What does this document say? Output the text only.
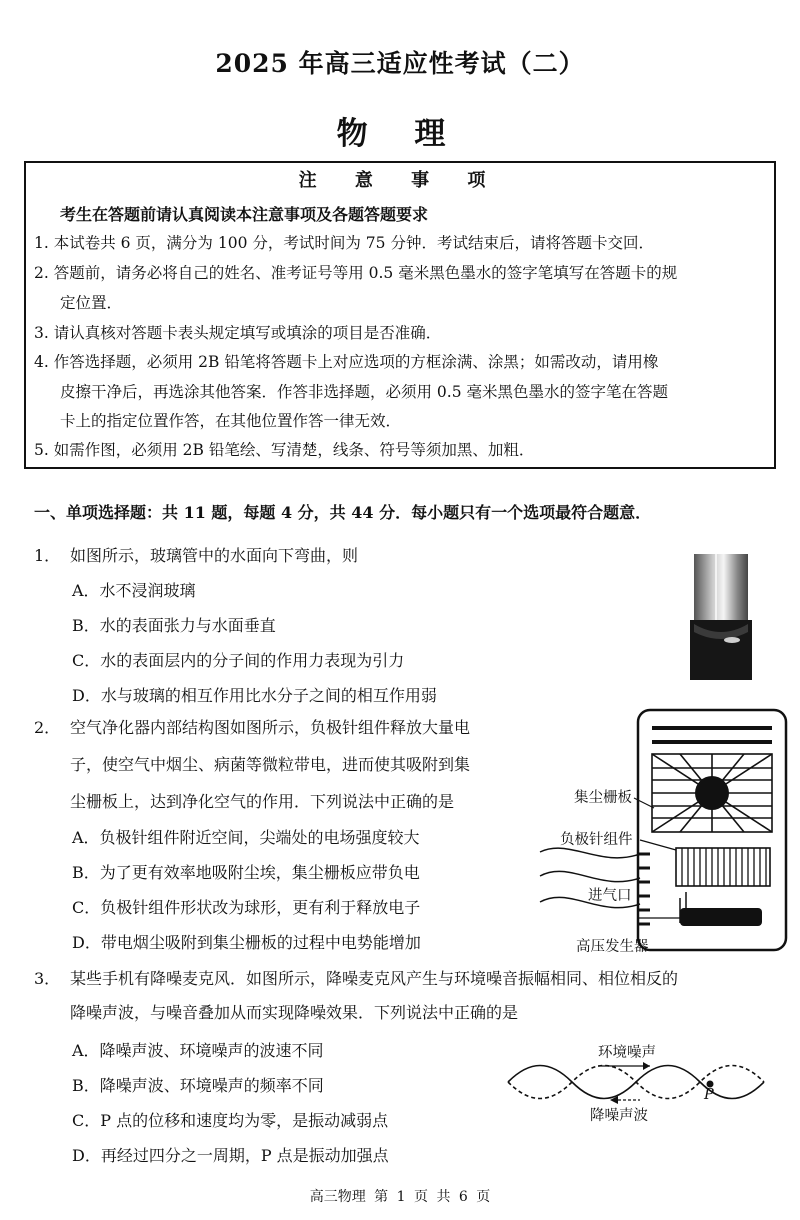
2025 年高三适应性考试（二）
物 理
注 意 事 项
考生在答题前请认真阅读本注意事项及各题答题要求
1. 本试卷共 6 页，满分为 100 分，考试时间为 75 分钟．考试结束后，请将答题卡交回．
2. 答题前，请务必将自己的姓名、准考证号等用 0.5 毫米黑色墨水的签字笔填写在答题卡的规
定位置．
3. 请认真核对答题卡表头规定填写或填涂的项目是否准确．
4. 作答选择题，必须用 2B 铅笔将答题卡上对应选项的方框涂满、涂黑；如需改动，请用橡
皮擦干净后，再选涂其他答案．作答非选择题，必须用 0.5 毫米黑色墨水的签字笔在答题
卡上的指定位置作答，在其他位置作答一律无效．
5. 如需作图，必须用 2B 铅笔绘、写清楚，线条、符号等须加黑、加粗．
一、单项选择题：共 11 题，每题 4 分，共 44 分．每小题只有一个选项最符合题意．
1． 如图所示，玻璃管中的水面向下弯曲，则
A．水不浸润玻璃
B．水的表面张力与水面垂直
C．水的表面层内的分子间的作用力表现为引力
D．水与玻璃的相互作用比水分子之间的相互作用弱
2． 空气净化器内部结构图如图所示，负极针组件释放大量电
子，使空气中烟尘、病菌等微粒带电，进而使其吸附到集
尘栅板上，达到净化空气的作用．下列说法中正确的是
A．负极针组件附近空间，尖端处的电场强度较大
B．为了更有效率地吸附尘埃，集尘栅板应带负电
C．负极针组件形状改为球形，更有利于释放电子
D．带电烟尘吸附到集尘栅板的过程中电势能增加
集尘栅板
负极针组件
进气口
高压发生器
3． 某些手机有降噪麦克风．如图所示，降噪麦克风产生与环境噪音振幅相同、相位相反的
降噪声波，与噪音叠加从而实现降噪效果．下列说法中正确的是
A．降噪声波、环境噪声的波速不同
B．降噪声波、环境噪声的频率不同
C．P 点的位移和速度均为零，是振动减弱点
D．再经过四分之一周期，P 点是振动加强点
环境噪声
降噪声波
P
高三物理 第 1 页 共 6 页
